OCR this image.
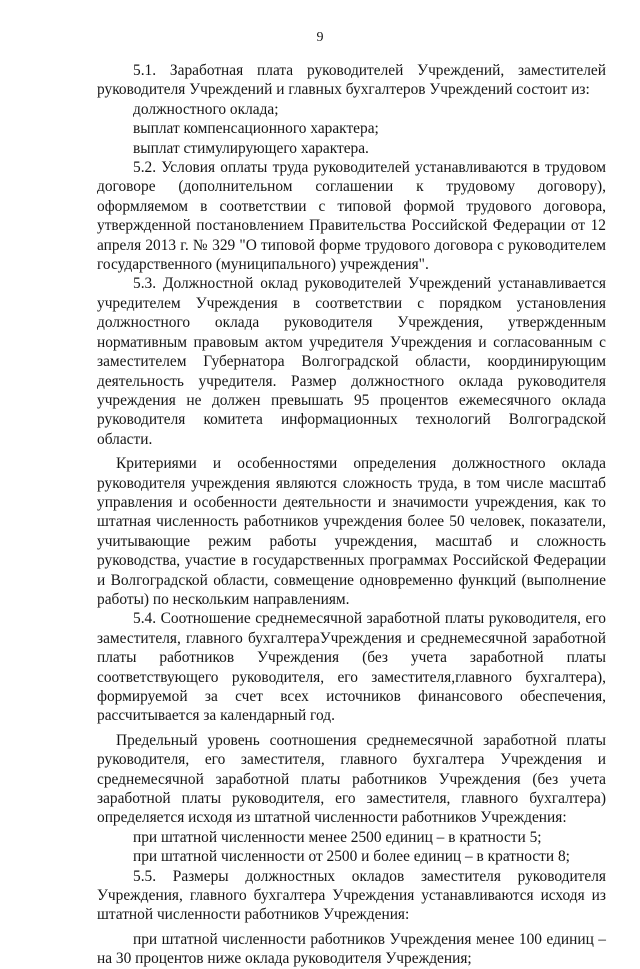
9

5.1. Заработная плата руководителей Учреждений, заместителей руководителя Учреждений и главных бухгалтеров Учреждений состоит из:

должностного оклада;

выплат компенсационного характера;

выплат стимулирующего характера.

5.2. Условия оплаты труда руководителей устанавливаются в трудовом договоре (дополнительном соглашении к трудовому договору), оформляемом в соответствии с типовой формой трудового договора, утвержденной постановлением Правительства Российской Федерации от 12 апреля 2013 г. № 329 "О типовой форме трудового договора с руководителем государственного (муниципального) учреждения".

5.3. Должностной оклад руководителей Учреждений устанавливается учредителем Учреждения в соответствии с порядком установления должностного оклада руководителя Учреждения, утвержденным нормативным правовым актом учредителя Учреждения и согласованным с заместителем Губернатора Волгоградской области, координирующим деятельность учредителя. Размер должностного оклада руководителя учреждения не должен превышать 95 процентов ежемесячного оклада руководителя комитета информационных технологий Волгоградской области.

Критериями и особенностями определения должностного оклада руководителя учреждения являются сложность труда, в том числе масштаб управления и особенности деятельности и значимости учреждения, как то штатная численность работников учреждения более 50 человек, показатели, учитывающие режим работы учреждения, масштаб и сложность руководства, участие в государственных программах Российской Федерации и Волгоградской области, совмещение одновременно функций (выполнение работы) по нескольким направлениям.

5.4. Соотношение среднемесячной заработной платы руководителя, его заместителя, главного бухгалтераУчреждения и среднемесячной заработной платы работников Учреждения (без учета заработной платы соответствующего руководителя, его заместителя,главного бухгалтера), формируемой за счет всех источников финансового обеспечения, рассчитывается за календарный год.

Предельный уровень соотношения среднемесячной заработной платы руководителя, его заместителя, главного бухгалтера Учреждения и среднемесячной заработной платы работников Учреждения (без учета заработной платы руководителя, его заместителя, главного бухгалтера) определяется исходя из штатной численности работников Учреждения:

при штатной численности менее 2500 единиц – в кратности 5;

при штатной численности от 2500 и более единиц – в кратности 8;

5.5. Размеры должностных окладов заместителя руководителя Учреждения, главного бухгалтера Учреждения устанавливаются исходя из штатной численности работников Учреждения:

при штатной численности работников Учреждения менее 100 единиц – на 30 процентов ниже оклада руководителя Учреждения;
